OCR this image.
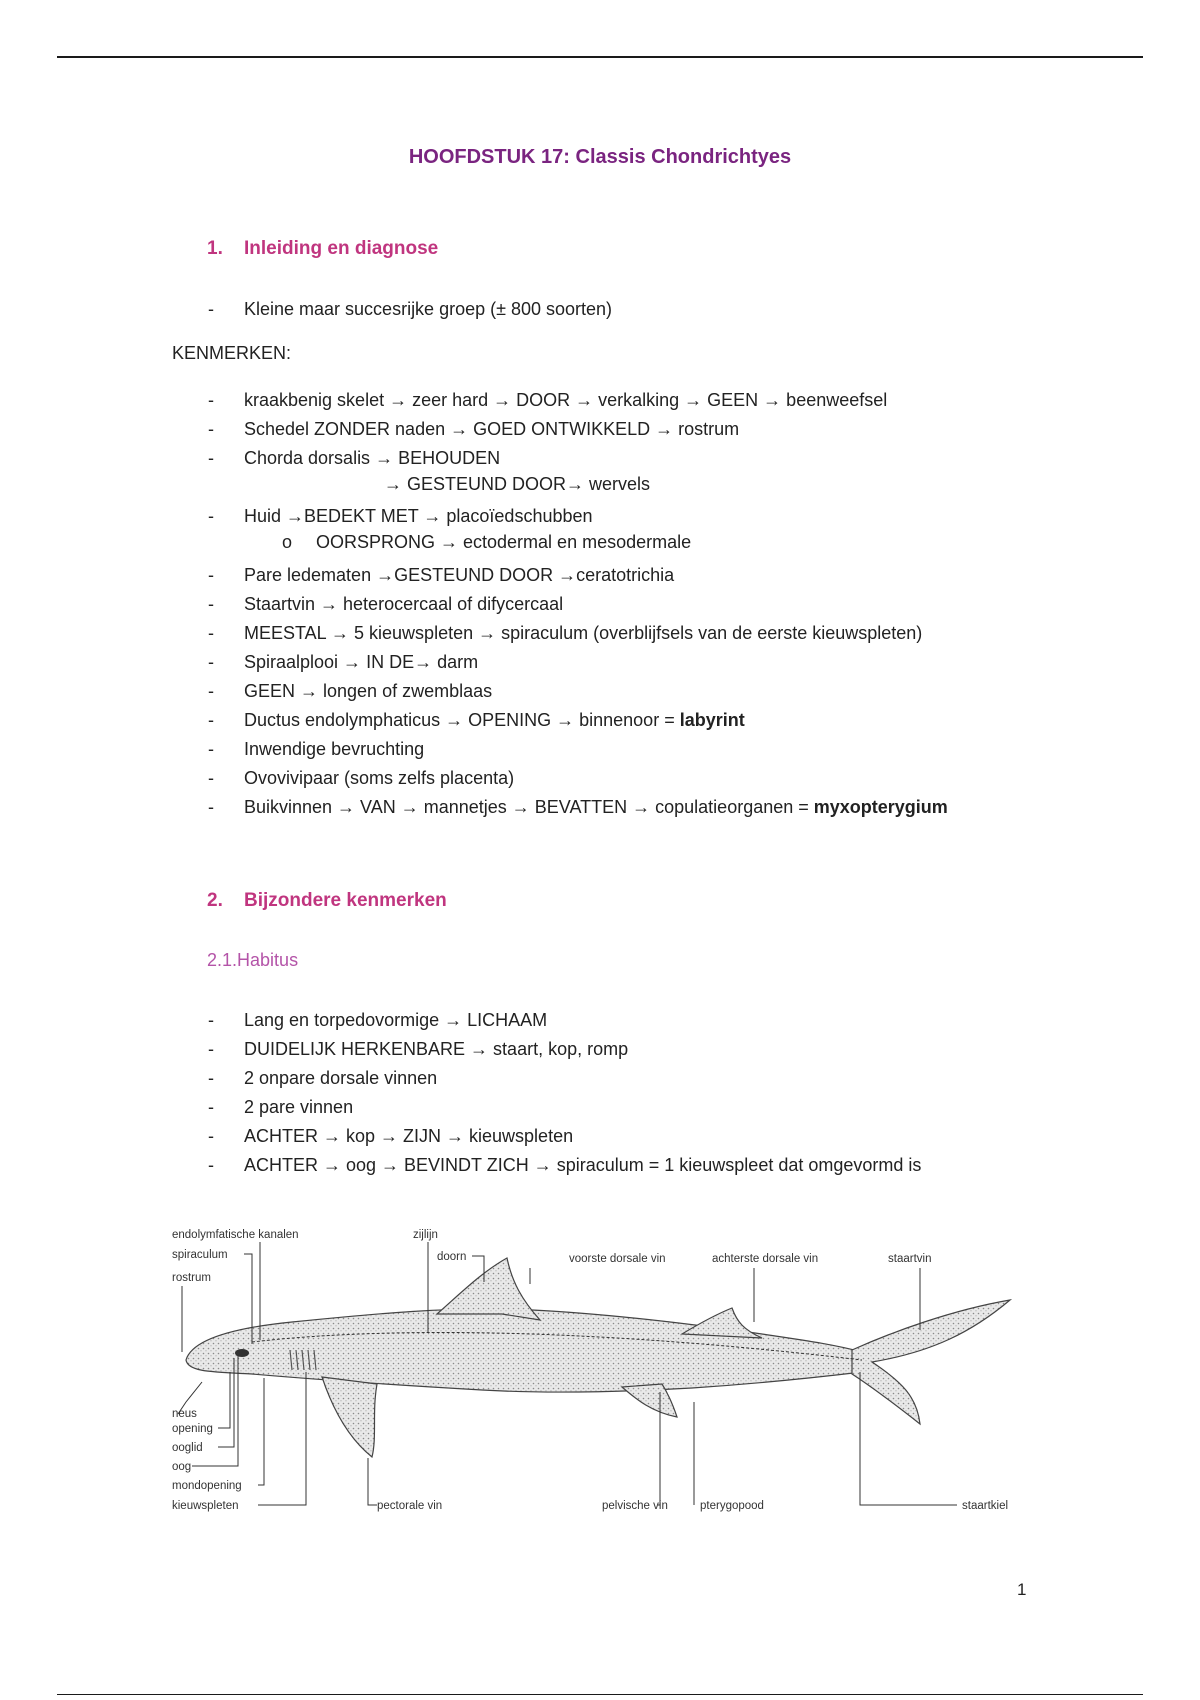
HOOFDSTUK 17: Classis Chondrichtyes
1. Inleiding en diagnose
- Kleine maar succesrijke groep (± 800 soorten)
KENMERKEN:
- kraakbenig skelet → zeer hard → DOOR → verkalking → GEEN → beenweefsel
- Schedel ZONDER naden → GOED ONTWIKKELD → rostrum
- Chorda dorsalis → BEHOUDEN
→ GESTEUND DOOR→ wervels
- Huid →BEDEKT MET → placoïedschubben
o OORSPRONG → ectodermal en mesodermale
- Pare ledematen →GESTEUND DOOR →ceratotrichia
- Staartvin → heterocercaal of difycercaal
- MEESTAL → 5 kieuwspleten → spiraculum (overblijfsels van de eerste kieuwspleten)
- Spiraalplooi → IN DE→ darm
- GEEN → longen of zwemblaas
- Ductus endolymphaticus → OPENING → binnenoor = labyrint
- Inwendige bevruchting
- Ovovivipaar (soms zelfs placenta)
- Buikvinnen → VAN → mannetjes → BEVATTEN → copulatieorganen = myxopterygium
2. Bijzondere kenmerken
2.1.Habitus
- Lang en torpedovormige → LICHAAM
- DUIDELIJK HERKENBARE → staart, kop, romp
- 2 onpare dorsale vinnen
- 2 pare vinnen
- ACHTER → kop → ZIJN → kieuwspleten
- ACHTER → oog → BEVINDT ZICH → spiraculum = 1 kieuwspleet dat omgevormd is
endolymfatische kanalen
spiraculum
rostrum
zijlijn
doorn	voorste dorsale vin	achterste dorsale vin	staartvin
neus
opening
ooglid
oog
mondopening
kieuwspleten	pectorale vin	pelvische vin	pterygopood	staartkiel
1
